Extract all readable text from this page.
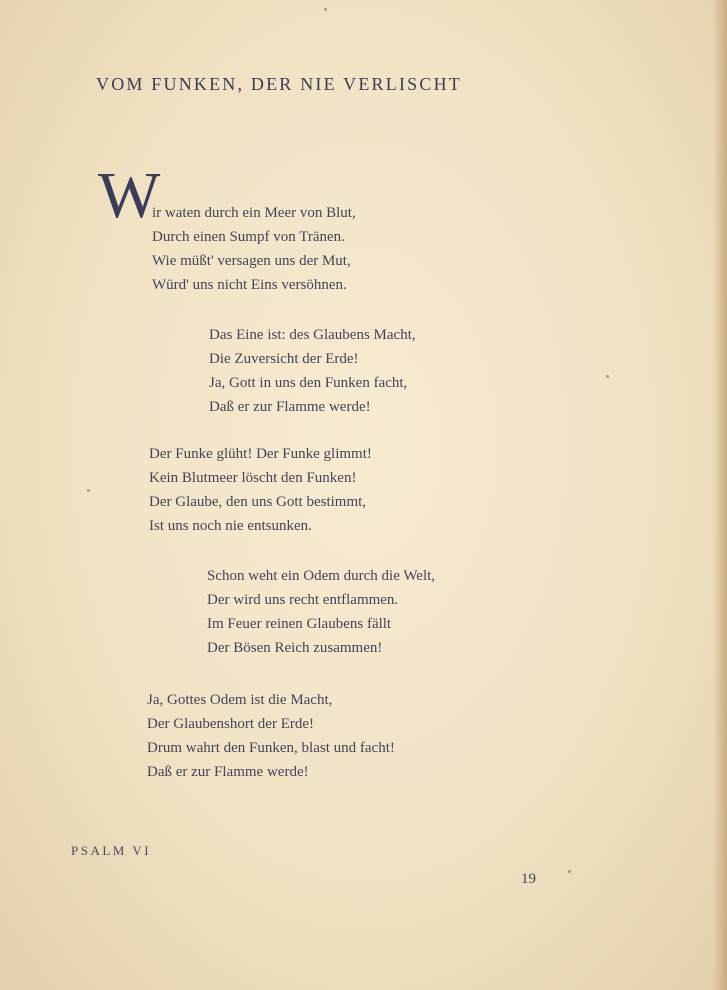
VOM FUNKEN, DER NIE VERLISCHT
W
ir waten durch ein Meer von Blut,
Durch einen Sumpf von Tränen.
Wie müßt' versagen uns der Mut,
Würd' uns nicht Eins versöhnen.
Das Eine ist: des Glaubens Macht,
Die Zuversicht der Erde!
Ja, Gott in uns den Funken facht,
Daß er zur Flamme werde!
Der Funke glüht! Der Funke glimmt!
Kein Blutmeer löscht den Funken!
Der Glaube, den uns Gott bestimmt,
Ist uns noch nie entsunken.
Schon weht ein Odem durch die Welt,
Der wird uns recht entflammen.
Im Feuer reinen Glaubens fällt
Der Bösen Reich zusammen!
Ja, Gottes Odem ist die Macht,
Der Glaubenshort der Erde!
Drum wahrt den Funken, blast und facht!
Daß er zur Flamme werde!
PSALM VI
19
